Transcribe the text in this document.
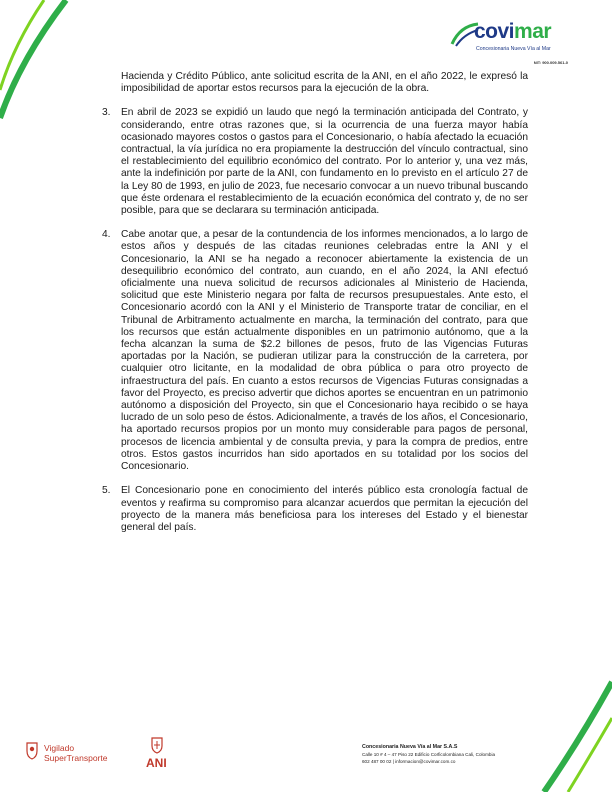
covimar
Concesionaria Nueva Vía al Mar
NIT: 900.009.561-0

Hacienda y Crédito Público, ante solicitud escrita de la ANI, en el año 2022, le expresó la imposibilidad de aportar estos recursos para la ejecución de la obra.

3. En abril de 2023 se expidió un laudo que negó la terminación anticipada del Contrato, y considerando, entre otras razones que, si la ocurrencia de una fuerza mayor había ocasionado mayores costos o gastos para el Concesionario, o había afectado la ecuación contractual, la vía jurídica no era propiamente la destrucción del vínculo contractual, sino el restablecimiento del equilibrio económico del contrato. Por lo anterior y, una vez más, ante la indefinición por parte de la ANI, con fundamento en lo previsto en el artículo 27 de la Ley 80 de 1993, en julio de 2023, fue necesario convocar a un nuevo tribunal buscando que éste ordenara el restablecimiento de la ecuación económica del contrato y, de no ser posible, para que se declarara su terminación anticipada.

4. Cabe anotar que, a pesar de la contundencia de los informes mencionados, a lo largo de estos años y después de las citadas reuniones celebradas entre la ANI y el Concesionario, la ANI se ha negado a reconocer abiertamente la existencia de un desequilibrio económico del contrato, aun cuando, en el año 2024, la ANI efectuó oficialmente una nueva solicitud de recursos adicionales al Ministerio de Hacienda, solicitud que este Ministerio negara por falta de recursos presupuestales. Ante esto, el Concesionario acordó con la ANI y el Ministerio de Transporte tratar de conciliar, en el Tribunal de Arbitramento actualmente en marcha, la terminación del contrato, para que los recursos que están actualmente disponibles en un patrimonio autónomo, que a la fecha alcanzan la suma de $2.2 billones de pesos, fruto de las Vigencias Futuras aportadas por la Nación, se pudieran utilizar para la construcción de la carretera, por cualquier otro licitante, en la modalidad de obra pública o para otro proyecto de infraestructura del país. En cuanto a estos recursos de Vigencias Futuras consignadas a favor del Proyecto, es preciso advertir que dichos aportes se encuentran en un patrimonio autónomo a disposición del Proyecto, sin que el Concesionario haya recibido o se haya lucrado de un solo peso de éstos. Adicionalmente, a través de los años, el Concesionario, ha aportado recursos propios por un monto muy considerable para pagos de personal, procesos de licencia ambiental y de consulta previa, y para la compra de predios, entre otros. Estos gastos incurridos han sido aportados en su totalidad por los socios del Concesionario.

5. El Concesionario pone en conocimiento del interés público esta cronología factual de eventos y reafirma su compromiso para alcanzar acuerdos que permitan la ejecución del proyecto de la manera más beneficiosa para los intereses del Estado y el bienestar general del país.

Vigilado
SuperTransporte	ANI
Concesionaria Nueva Vía al Mar S.A.S
Calle 10 # 4 – 47 Piso 22 Edificio Corficolombiana Cali, Colombia
602 487 00 02 | informacion@covimar.com.co
